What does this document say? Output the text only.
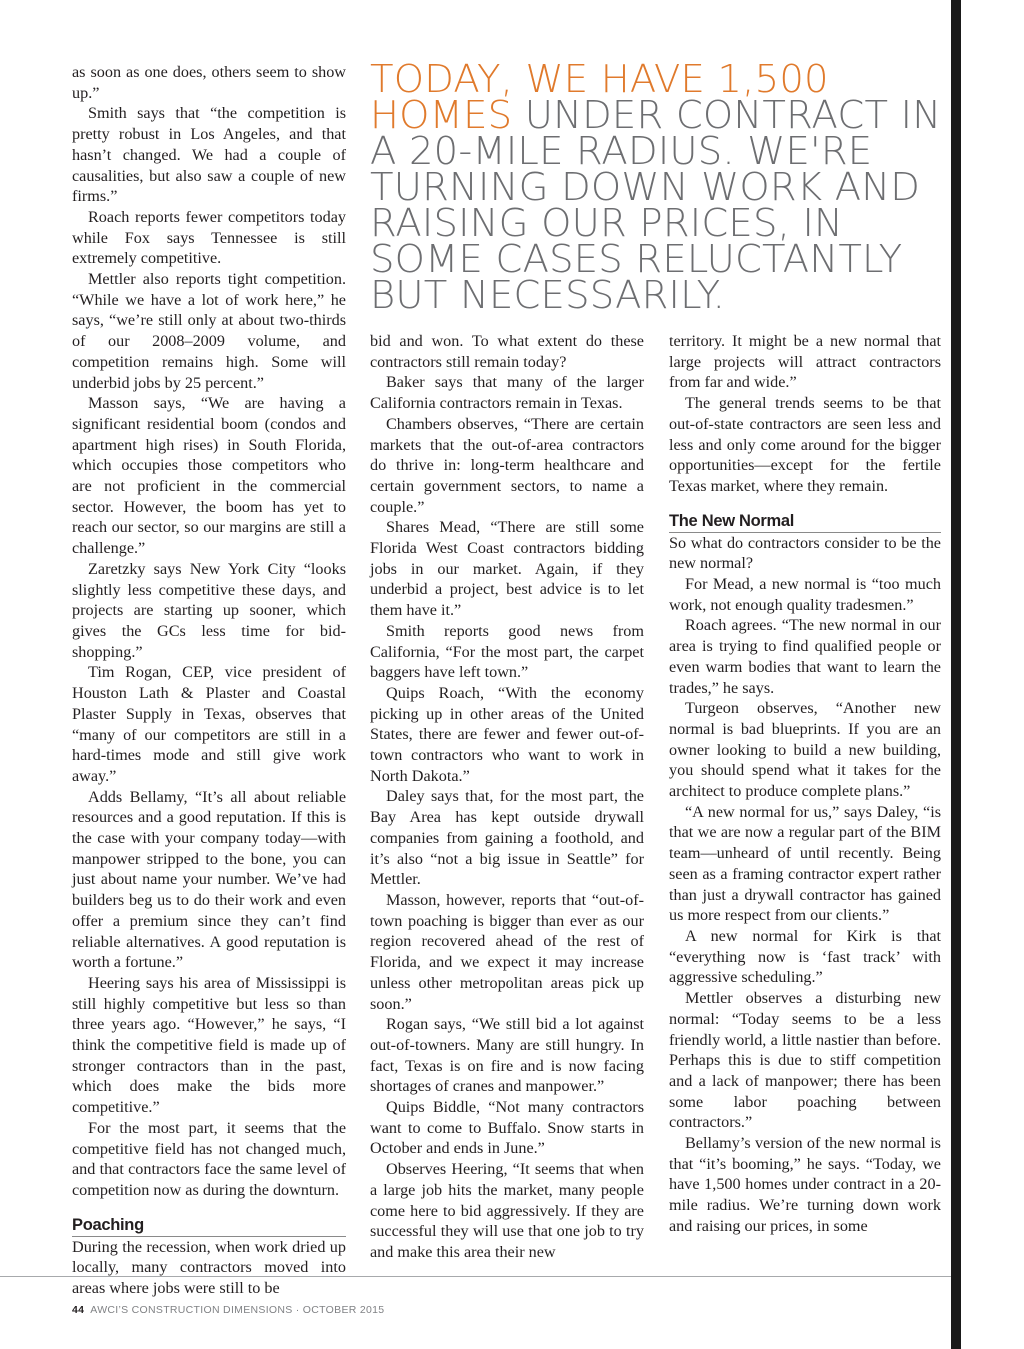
TODAY, WE HAVE 1,500 HOMES UNDER CONTRACT IN A 20-MILE RADIUS. WE'RE TURNING DOWN WORK AND RAISING OUR PRICES, IN SOME CASES RELUCTANTLY BUT NECESSARILY.

as soon as one does, others seem to show up.”

Smith says that “the competition is pretty robust in Los Angeles, and that hasn’t changed. We had a couple of causalities, but also saw a couple of new firms.”

Roach reports fewer competitors today while Fox says Tennessee is still extremely competitive.

Mettler also reports tight competition. “While we have a lot of work here,” he says, “we’re still only at about two-thirds of our 2008–2009 volume, and competition remains high. Some will underbid jobs by 25 percent.”

Masson says, “We are having a significant residential boom (condos and apartment high rises) in South Florida, which occupies those competitors who are not proficient in the commercial sector. However, the boom has yet to reach our sector, so our margins are still a challenge.”

Zaretzky says New York City “looks slightly less competitive these days, and projects are starting up sooner, which gives the GCs less time for bid-shopping.”

Tim Rogan, CEP, vice president of Houston Lath & Plaster and Coastal Plaster Supply in Texas, observes that “many of our competitors are still in a hard-times mode and still give work away.”

Adds Bellamy, “It’s all about reliable resources and a good reputation. If this is the case with your company today—with manpower stripped to the bone, you can just about name your number. We’ve had builders beg us to do their work and even offer a premium since they can’t find reliable alternatives. A good reputation is worth a fortune.”

Heering says his area of Mississippi is still highly competitive but less so than three years ago. “However,” he says, “I think the competitive field is made up of stronger contractors than in the past, which does make the bids more competitive.”

For the most part, it seems that the competitive field has not changed much, and that contractors face the same level of competition now as during the downturn.

Poaching

During the recession, when work dried up locally, many contractors moved into areas where jobs were still to be

bid and won. To what extent do these contractors still remain today?

Baker says that many of the larger California contractors remain in Texas.

Chambers observes, “There are certain markets that the out-of-area contractors do thrive in: long-term healthcare and certain government sectors, to name a couple.”

Shares Mead, “There are still some Florida West Coast contractors bidding jobs in our market. Again, if they underbid a project, best advice is to let them have it.”

Smith reports good news from California, “For the most part, the carpet baggers have left town.”

Quips Roach, “With the economy picking up in other areas of the United States, there are fewer and fewer out-of-town contractors who want to work in North Dakota.”

Daley says that, for the most part, the Bay Area has kept outside drywall companies from gaining a foothold, and it’s also “not a big issue in Seattle” for Mettler.

Masson, however, reports that “out-of-town poaching is bigger than ever as our region recovered ahead of the rest of Florida, and we expect it may increase unless other metropolitan areas pick up soon.”

Rogan says, “We still bid a lot against out-of-towners. Many are still hungry. In fact, Texas is on fire and is now facing shortages of cranes and manpower.”

Quips Biddle, “Not many contractors want to come to Buffalo. Snow starts in October and ends in June.”

Observes Heering, “It seems that when a large job hits the market, many people come here to bid aggressively. If they are successful they will use that one job to try and make this area their new

territory. It might be a new normal that large projects will attract contractors from far and wide.”

The general trends seems to be that out-of-state contractors are seen less and less and only come around for the bigger opportunities—except for the fertile Texas market, where they remain.

The New Normal

So what do contractors consider to be the new normal?

For Mead, a new normal is “too much work, not enough quality tradesmen.”

Roach agrees. “The new normal in our area is trying to find qualified people or even warm bodies that want to learn the trades,” he says.

Turgeon observes, “Another new normal is bad blueprints. If you are an owner looking to build a new building, you should spend what it takes for the architect to produce complete plans.”

“A new normal for us,” says Daley, “is that we are now a regular part of the BIM team—unheard of until recently. Being seen as a framing contractor expert rather than just a drywall contractor has gained us more respect from our clients.”

A new normal for Kirk is that “everything now is ‘fast track’ with aggressive scheduling.”

Mettler observes a disturbing new normal: “Today seems to be a less friendly world, a little nastier than before. Perhaps this is due to stiff competition and a lack of manpower; there has been some labor poaching between contractors.”

Bellamy’s version of the new normal is that “it’s booming,” he says. “Today, we have 1,500 homes under contract in a 20-mile radius. We’re turning down work and raising our prices, in some

44 AWCI’S CONSTRUCTION DIMENSIONS · OCTOBER 2015
